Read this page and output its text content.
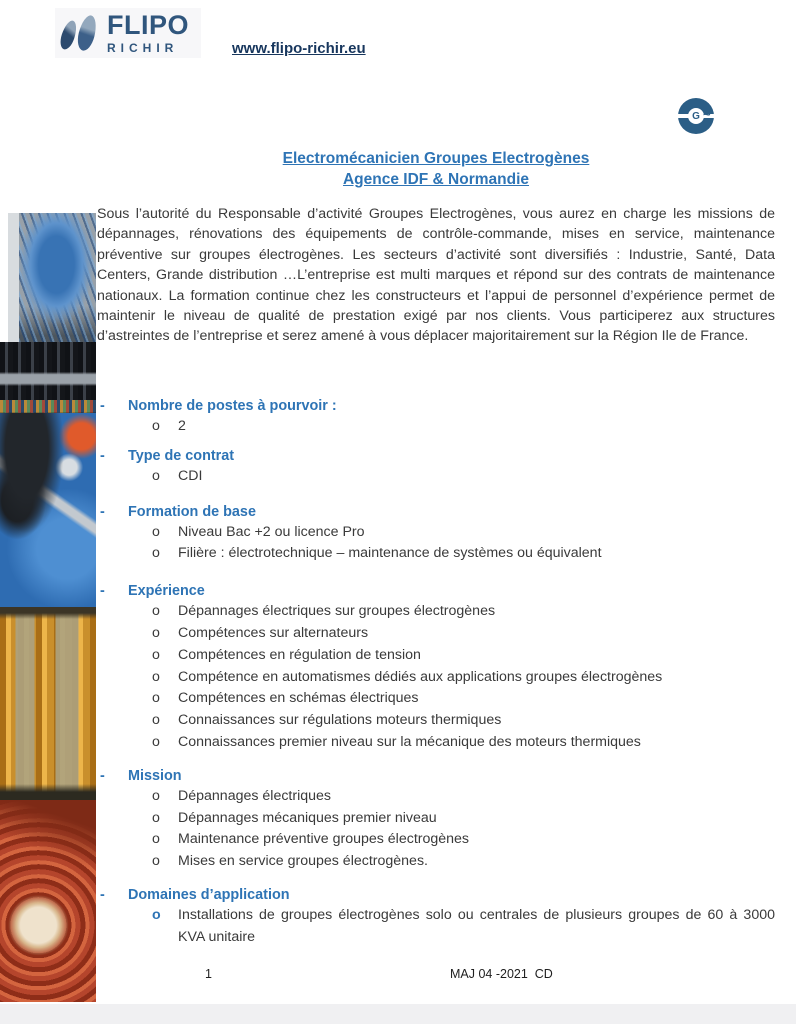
FLIPO
RICHIR	www.flipo-richir.eu
G ~
Electromécanicien Groupes Electrogènes
Agence IDF & Normandie
Sous l’autorité du Responsable d’activité Groupes Electrogènes, vous aurez en charge les missions de dépannages, rénovations des équipements de contrôle-commande, mises en service, maintenance préventive sur groupes électrogènes. Les secteurs d’activité sont diversifiés : Industrie, Santé, Data Centers, Grande distribution …L’entreprise est multi marques et répond sur des contrats de maintenance nationaux. La formation continue chez les constructeurs et l’appui de personnel d’expérience permet de maintenir le niveau de qualité de prestation exigé par nos clients. Vous participerez aux structures d’astreintes de l’entreprise et serez amené à vous déplacer majoritairement sur la Région Ile de France.
- Nombre de postes à pourvoir :
o 2
- Type de contrat
o CDI
- Formation de base
o Niveau Bac +2 ou licence Pro
o Filière : électrotechnique – maintenance de systèmes ou équivalent
- Expérience
o Dépannages électriques sur groupes électrogènes
o Compétences sur alternateurs
o Compétences en régulation de tension
o Compétence en automatismes dédiés aux applications groupes électrogènes
o Compétences en schémas électriques
o Connaissances sur régulations moteurs thermiques
o Connaissances premier niveau sur la mécanique des moteurs thermiques
- Mission
o Dépannages électriques
o Dépannages mécaniques premier niveau
o Maintenance préventive groupes électrogènes
o Mises en service groupes électrogènes.
- Domaines d’application
o Installations de groupes électrogènes solo ou centrales de plusieurs groupes de 60 à 3000 KVA unitaire
1	MAJ 04 -2021  CD
